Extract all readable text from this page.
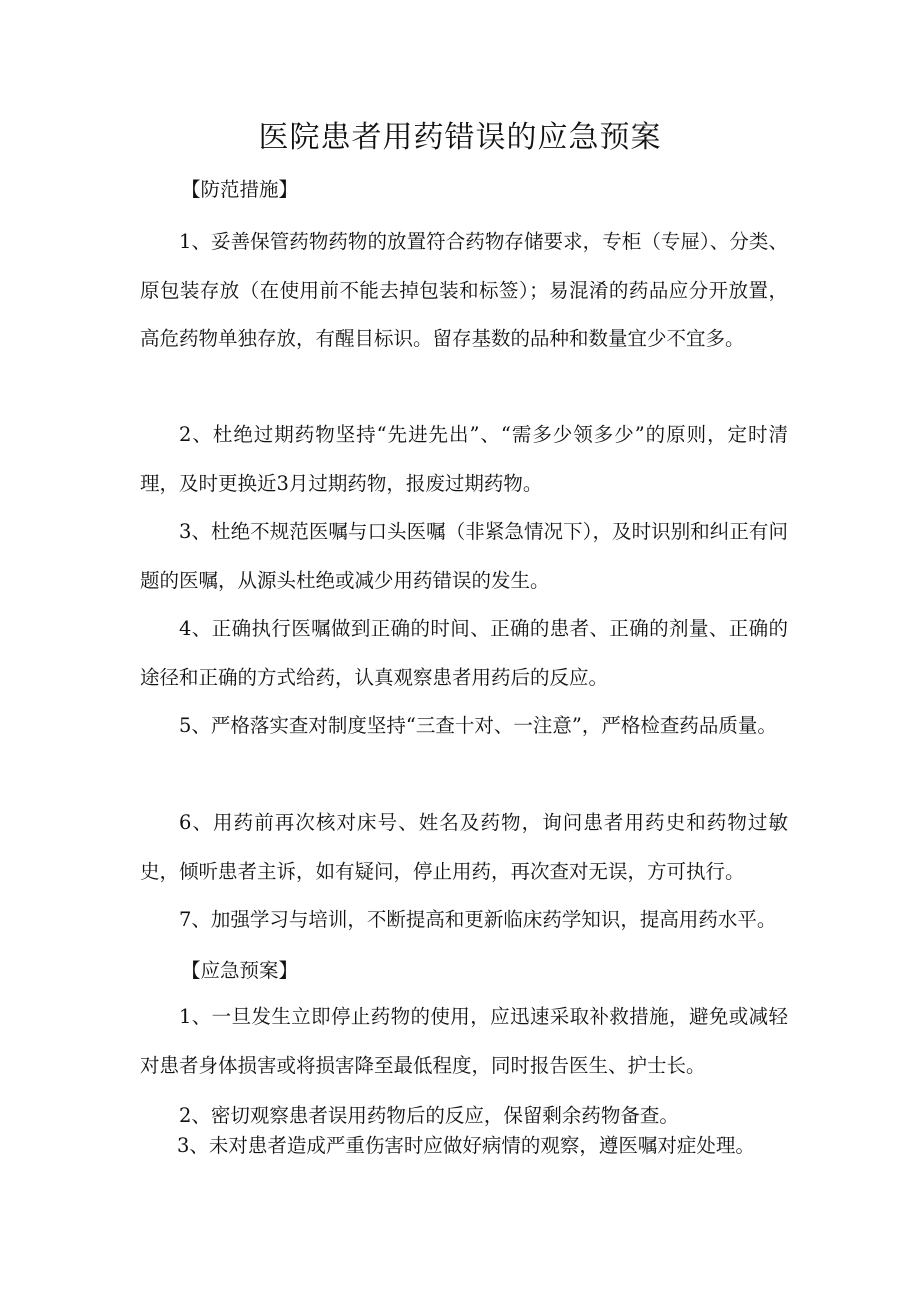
医院患者用药错误的应急预案

【防范措施】

1、妥善保管药物药物的放置符合药物存储要求，专柜（专屉）、分类、原包装存放（在使用前不能去掉包装和标签）；易混淆的药品应分开放置，高危药物单独存放，有醒目标识。留存基数的品种和数量宜少不宜多。

2、杜绝过期药物坚持“先进先出”、“需多少领多少”的原则，定时清理，及时更换近3月过期药物，报废过期药物。

3、杜绝不规范医嘱与口头医嘱（非紧急情况下），及时识别和纠正有问题的医嘱，从源头杜绝或减少用药错误的发生。

4、正确执行医嘱做到正确的时间、正确的患者、正确的剂量、正确的途径和正确的方式给药，认真观察患者用药后的反应。

5、严格落实查对制度坚持“三查十对、一注意”，严格检查药品质量。

6、用药前再次核对床号、姓名及药物，询问患者用药史和药物过敏史，倾听患者主诉，如有疑问，停止用药，再次查对无误，方可执行。

7、加强学习与培训，不断提高和更新临床药学知识，提高用药水平。

【应急预案】

1、一旦发生立即停止药物的使用，应迅速采取补救措施，避免或减轻对患者身体损害或将损害降至最低程度，同时报告医生、护士长。

2、密切观察患者误用药物后的反应，保留剩余药物备查。

3、未对患者造成严重伤害时应做好病情的观察，遵医嘱对症处理。
